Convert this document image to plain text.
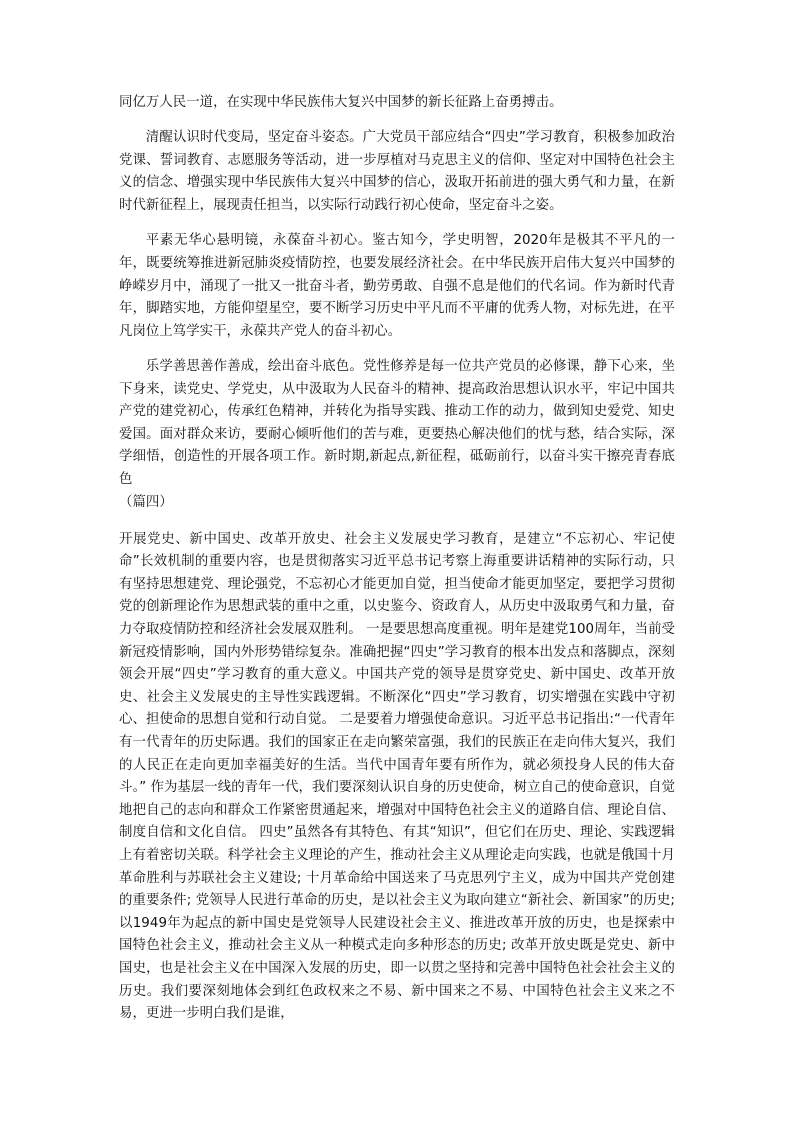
同亿万人民一道，在实现中华民族伟大复兴中国梦的新长征路上奋勇搏击。

清醒认识时代变局，坚定奋斗姿态。广大党员干部应结合“四史”学习教育，积极参加政治党课、誓词教育、志愿服务等活动，进一步厚植对马克思主义的信仰、坚定对中国特色社会主义的信念、增强实现中华民族伟大复兴中国梦的信心，汲取开拓前进的强大勇气和力量，在新时代新征程上，展现责任担当，以实际行动践行初心使命，坚定奋斗之姿。

平素无华心悬明镜，永葆奋斗初心。鉴古知今，学史明智，2020年是极其不平凡的一年，既要统筹推进新冠肺炎疫情防控，也要发展经济社会。在中华民族开启伟大复兴中国梦的峥嵘岁月中，涌现了一批又一批奋斗者，勤劳勇敢、自强不息是他们的代名词。作为新时代青年，脚踏实地，方能仰望星空，要不断学习历史中平凡而不平庸的优秀人物，对标先进，在平凡岗位上笃学实干，永葆共产党人的奋斗初心。

乐学善思善作善成，绘出奋斗底色。党性修养是每一位共产党员的必修课，静下心来，坐下身来，读党史、学党史，从中汲取为人民奋斗的精神、提高政治思想认识水平，牢记中国共产党的建党初心，传承红色精神，并转化为指导实践、推动工作的动力，做到知史爱党、知史爱国。面对群众来访，要耐心倾听他们的苦与难，更要热心解决他们的忧与愁，结合实际，深学细悟，创造性的开展各项工作。新时期,新起点,新征程，砥砺前行，以奋斗实干擦亮青春底色

（篇四）

开展党史、新中国史、改革开放史、社会主义发展史学习教育，是建立“不忘初心、牢记使命”长效机制的重要内容，也是贯彻落实习近平总书记考察上海重要讲话精神的实际行动，只有坚持思想建党、理论强党，不忘初心才能更加自觉，担当使命才能更加坚定，要把学习贯彻党的创新理论作为思想武装的重中之重，以史鉴今、资政育人，从历史中汲取勇气和力量，奋力夺取疫情防控和经济社会发展双胜利。 一是要思想高度重视。明年是建党100周年，当前受新冠疫情影响，国内外形势错综复杂。准确把握“四史”学习教育的根本出发点和落脚点，深刻领会开展“四史”学习教育的重大意义。中国共产党的领导是贯穿党史、新中国史、改革开放史、社会主义发展史的主导性实践逻辑。不断深化“四史”学习教育，切实增强在实践中守初心、担使命的思想自觉和行动自觉。 二是要着力增强使命意识。习近平总书记指出:“一代青年有一代青年的历史际遇。我们的国家正在走向繁荣富强，我们的民族正在走向伟大复兴，我们的人民正在走向更加幸福美好的生活。当代中国青年要有所作为，就必须投身人民的伟大奋斗。” 作为基层一线的青年一代，我们要深刻认识自身的历史使命，树立自己的使命意识，自觉地把自己的志向和群众工作紧密贯通起来，增强对中国特色社会主义的道路自信、理论自信、制度自信和文化自信。 四史”虽然各有其特色、有其“知识”，但它们在历史、理论、实践逻辑上有着密切关联。科学社会主义理论的产生，推动社会主义从理论走向实践，也就是俄国十月革命胜利与苏联社会主义建设; 十月革命给中国送来了马克思列宁主义，成为中国共产党创建的重要条件; 党领导人民进行革命的历史，是以社会主义为取向建立“新社会、新国家”的历史; 以1949年为起点的新中国史是党领导人民建设社会主义、推进改革开放的历史，也是探索中国特色社会主义，推动社会主义从一种模式走向多种形态的历史; 改革开放史既是党史、新中国史，也是社会主义在中国深入发展的历史，即一以贯之坚持和完善中国特色社会社会主义的历史。我们要深刻地体会到红色政权来之不易、新中国来之不易、中国特色社会主义来之不易，更进一步明白我们是谁，
